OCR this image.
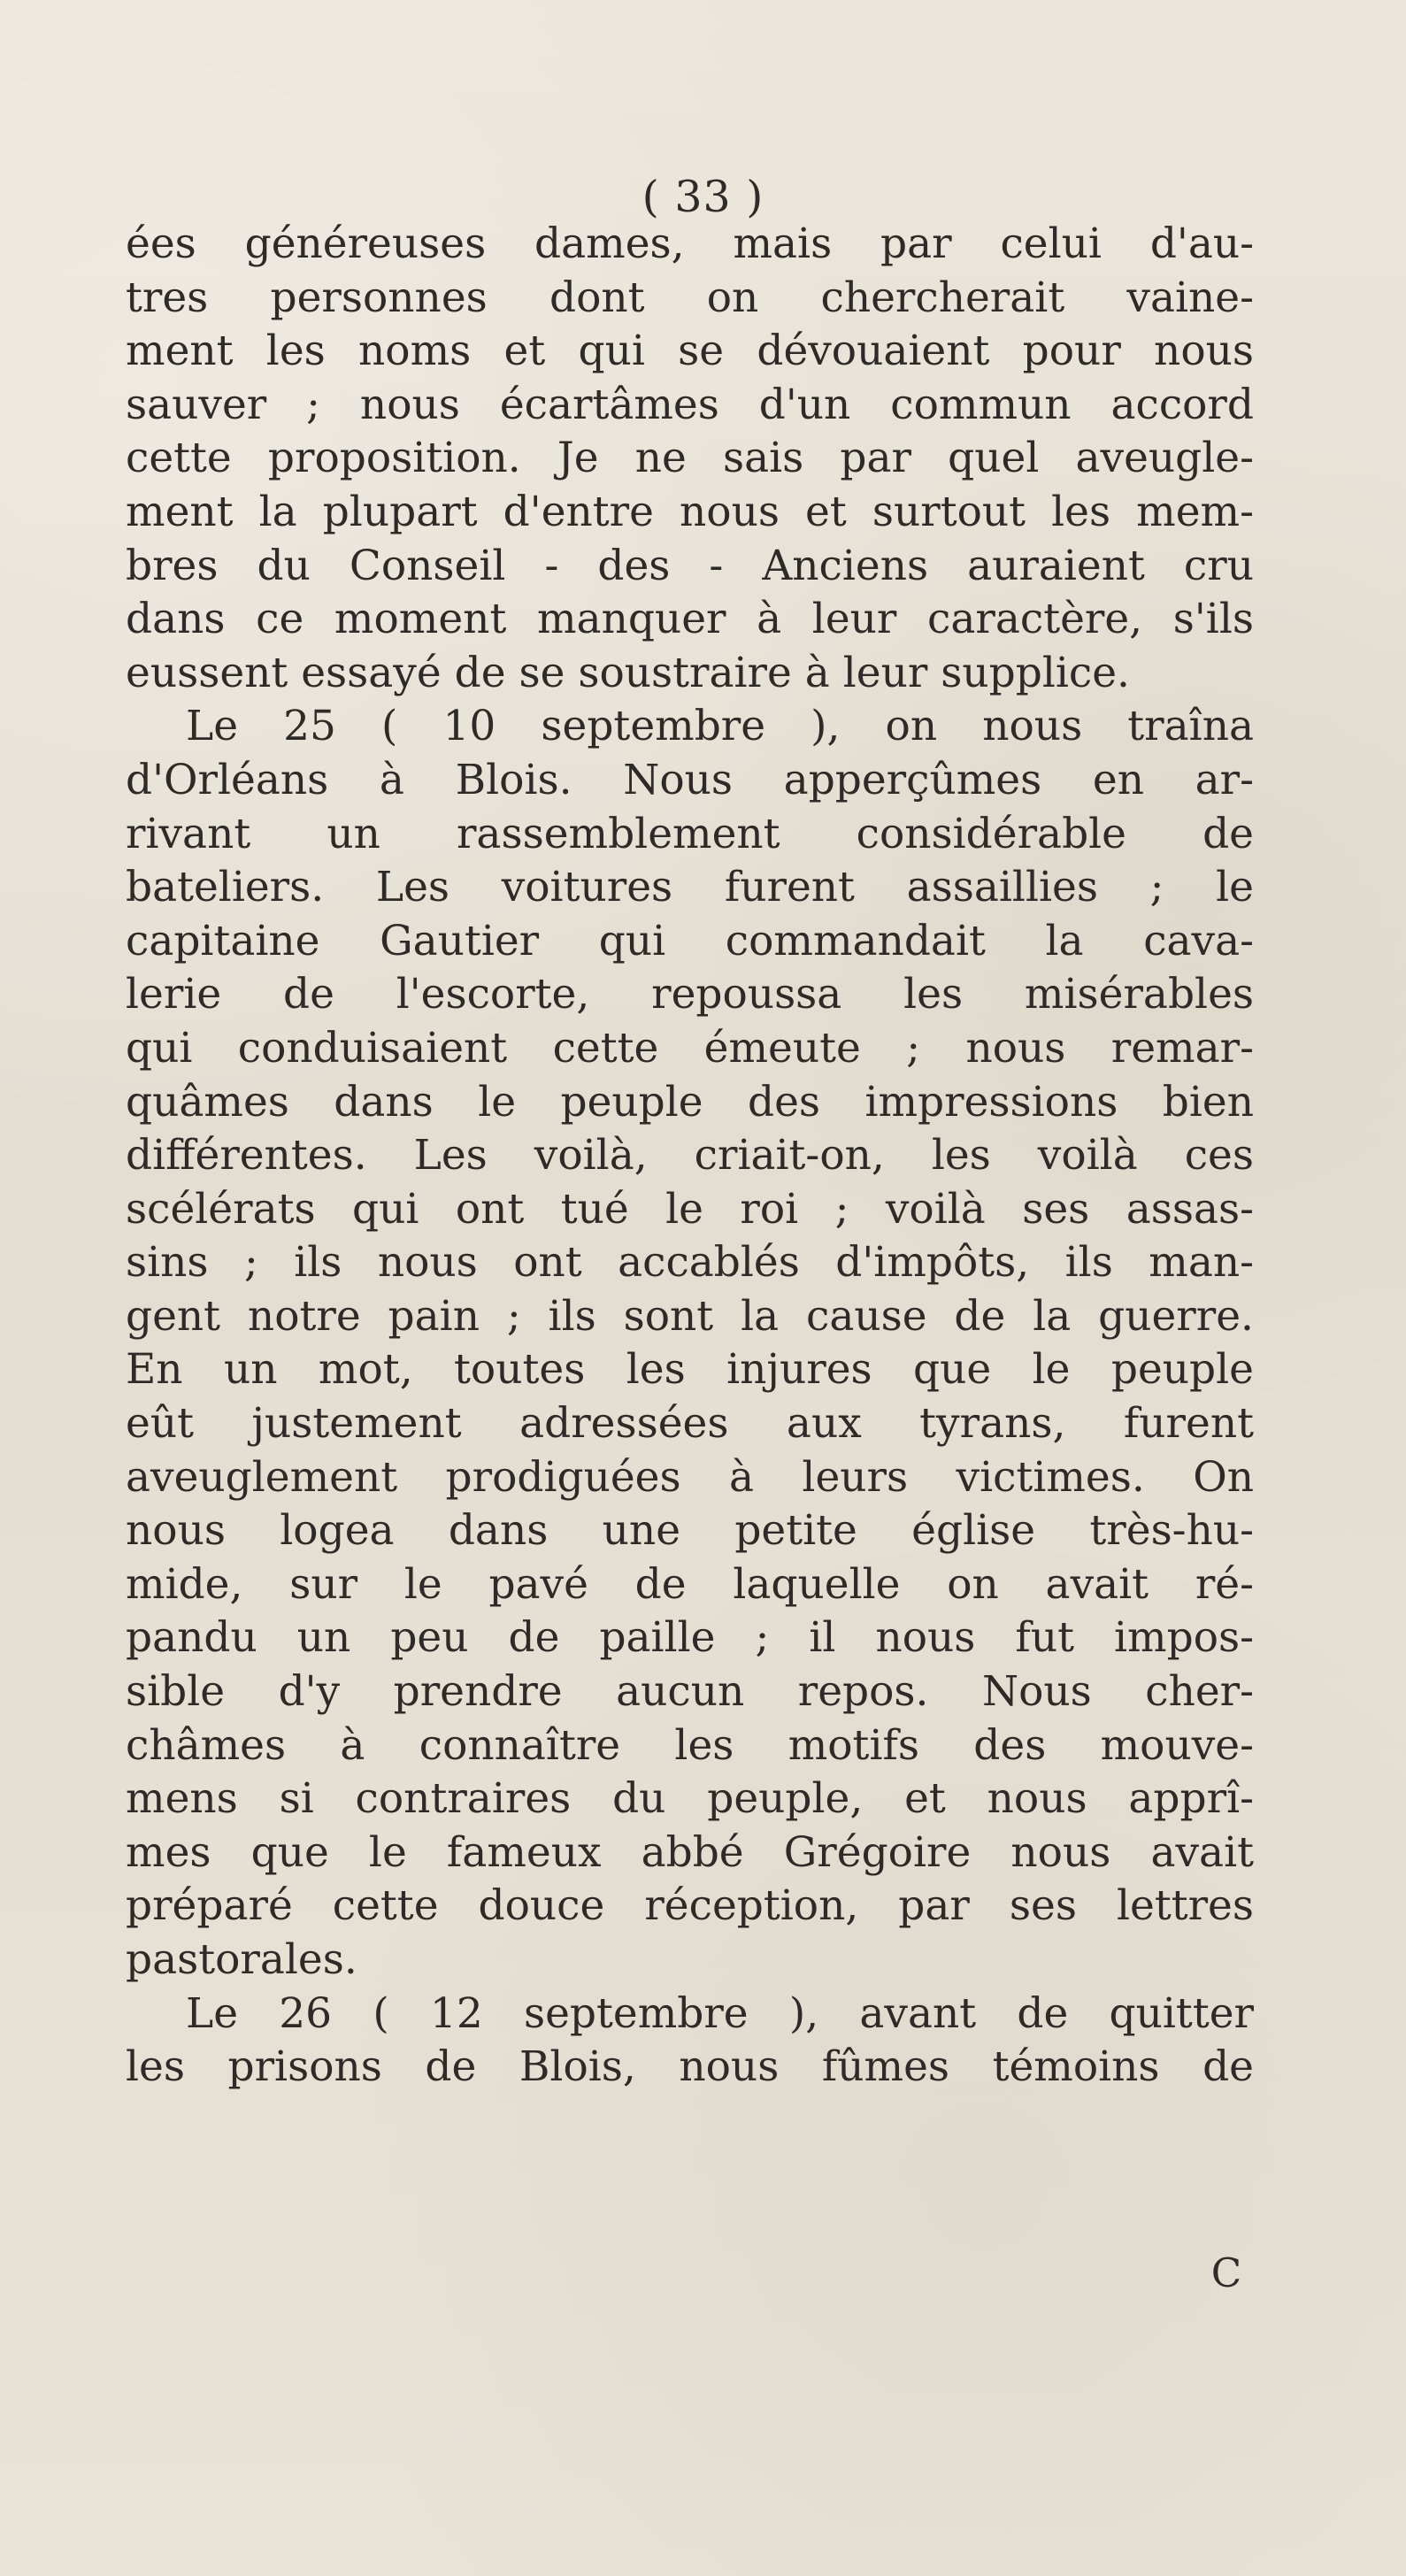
( 33 )
ées généreuses dames, mais par celui d'au-
tres personnes dont on chercherait vaine-
ment les noms et qui se dévouaient pour nous
sauver ; nous écartâmes d'un commun accord
cette proposition. Je ne sais par quel aveugle-
ment la plupart d'entre nous et surtout les mem-
bres du Conseil - des - Anciens auraient cru
dans ce moment manquer à leur caractère, s'ils
eussent essayé de se soustraire à leur supplice.
Le 25 ( 10 septembre ), on nous traîna
d'Orléans à Blois. Nous apperçûmes en ar-
rivant un rassemblement considérable de
bateliers. Les voitures furent assaillies ; le
capitaine Gautier qui commandait la cava-
lerie de l'escorte, repoussa les misérables
qui conduisaient cette émeute ; nous remar-
quâmes dans le peuple des impressions bien
différentes. Les voilà, criait-on, les voilà ces
scélérats qui ont tué le roi ; voilà ses assas-
sins ; ils nous ont accablés d'impôts, ils man-
gent notre pain ; ils sont la cause de la guerre.
En un mot, toutes les injures que le peuple
eût justement adressées aux tyrans, furent
aveuglement prodiguées à leurs victimes. On
nous logea dans une petite église très-hu-
mide, sur le pavé de laquelle on avait ré-
pandu un peu de paille ; il nous fut impos-
sible d'y prendre aucun repos. Nous cher-
châmes à connaître les motifs des mouve-
mens si contraires du peuple, et nous apprî-
mes que le fameux abbé Grégoire nous avait
préparé cette douce réception, par ses lettres
pastorales.
Le 26 ( 12 septembre ), avant de quitter
les prisons de Blois, nous fûmes témoins de
C
